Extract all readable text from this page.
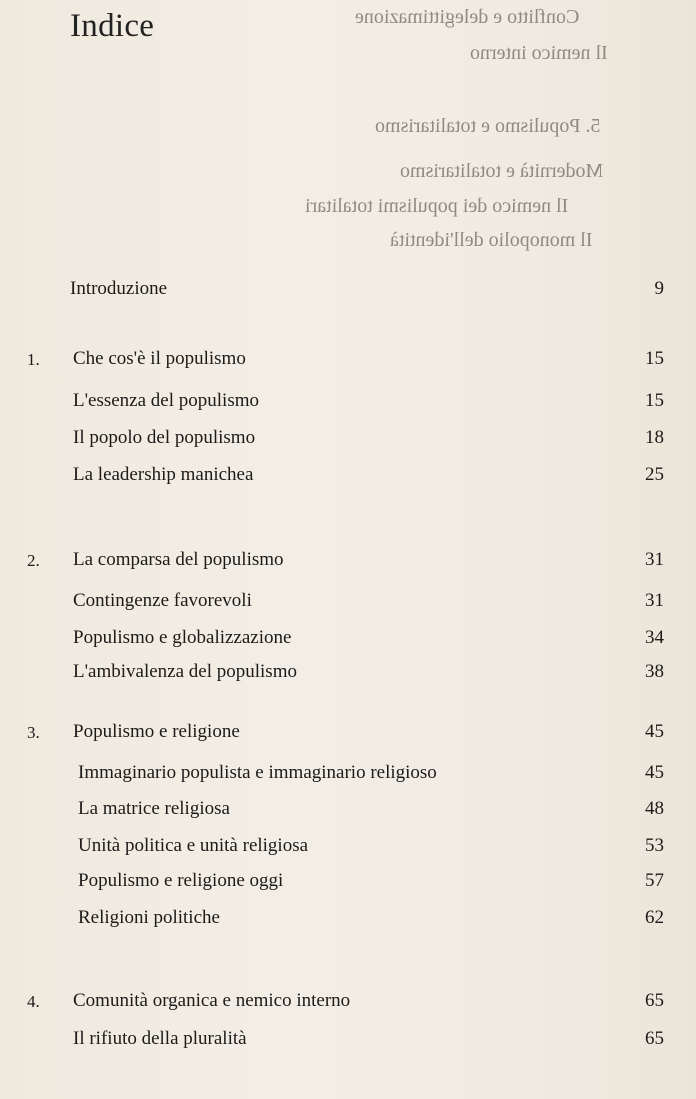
Conflitto e delegittimazione
Il nemico interno
5. Populismo e totalitarismo
Modernità e totalitarismo
Il nemico dei populismi totalitari
Il monopolio dell'identità
Indice
Introduzione	9
1. Che cos'è il populismo	15
L'essenza del populismo	15
Il popolo del populismo	18
La leadership manichea	25
2. La comparsa del populismo	31
Contingenze favorevoli	31
Populismo e globalizzazione	34
L'ambivalenza del populismo	38
3. Populismo e religione	45
Immaginario populista e immaginario religioso	45
La matrice religiosa	48
Unità politica e unità religiosa	53
Populismo e religione oggi	57
Religioni politiche	62
4. Comunità organica e nemico interno	65
Il rifiuto della pluralità	65
